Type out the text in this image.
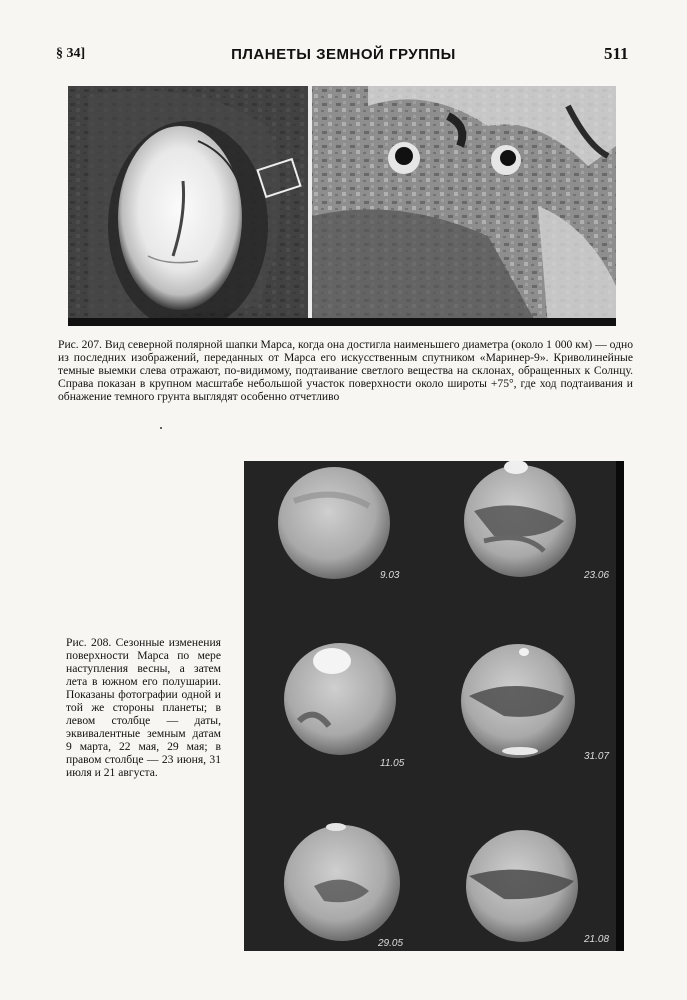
§ 34]	ПЛАНЕТЫ ЗЕМНОЙ ГРУППЫ	511
Рис. 207. Вид северной полярной шапки Марса, когда она достигла наименьшего диаметра (около 1 000 км) — одно из последних изображений, переданных от Марса его искусственным спутником «Маринер-9». Криволинейные темные выемки слева отражают, по-видимому, подтаивание светлого вещества на склонах, обращенных к Солнцу. Справа показан в крупном масштабе небольшой участок поверхности около широты +75°, где ход подтаивания и обнажение темного грунта выглядят особенно отчетливо
9.03	23.06
11.05
31.07
29.05	21.08
Рис. 208. Сезонные изменения поверхности Марса по мере наступления весны, а затем лета в южном его полушарии. Показаны фотографии одной и той же стороны планеты; в левом столбце — даты, эквивалентные земным датам 9 марта, 22 мая, 29 мая; в правом столбце — 23 июня, 31 июля и 21 августа.
